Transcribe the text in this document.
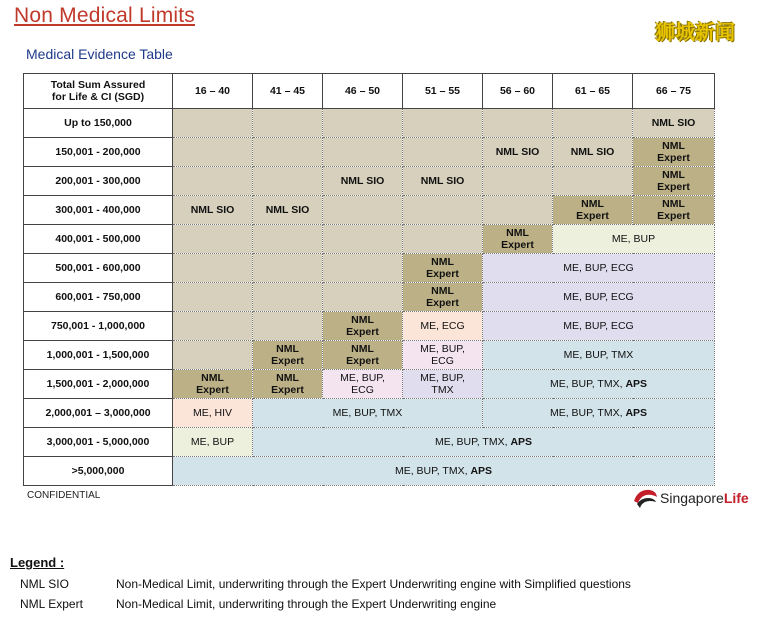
Non Medical Limits
狮城新闻
Medical Evidence Table
Total Sum Assured
for Life & CI (SGD)	16 – 40	41 – 45	46 – 50	51 – 55	56 – 60	61 – 65	66 – 75
Up to 150,000							NML SIO
150,001 - 200,000					NML SIO	NML SIO	NML
Expert
200,001 - 300,000			NML SIO	NML SIO			NML
Expert
300,001 - 400,000	NML SIO	NML SIO				NML
Expert	NML
Expert
400,001 - 500,000					NML
Expert	ME, BUP	
500,001 - 600,000				NML
Expert	ME, BUP, ECG		
600,001 - 750,000				NML
Expert	ME, BUP, ECG		
750,001 - 1,000,000			NML
Expert	ME, ECG	ME, BUP, ECG		
1,000,001 - 1,500,000		NML
Expert	NML
Expert	ME, BUP,
ECG	ME, BUP, TMX		
1,500,001 - 2,000,000	NML
Expert	NML
Expert	ME, BUP,
ECG	ME, BUP,
TMX	ME, BUP, TMX, APS		
2,000,001 – 3,000,000	ME, HIV	ME, BUP, TMX			ME, BUP, TMX, APS		
3,000,001 - 5,000,000	ME, BUP	ME, BUP, TMX, APS					
>5,000,000	ME, BUP, TMX, APS						
CONFIDENTIAL	SingaporeLife
Legend :
NML SIO	Non-Medical Limit, underwriting through the Expert Underwriting engine with Simplified questions
NML Expert	Non-Medical Limit, underwriting through the Expert Underwriting engine
